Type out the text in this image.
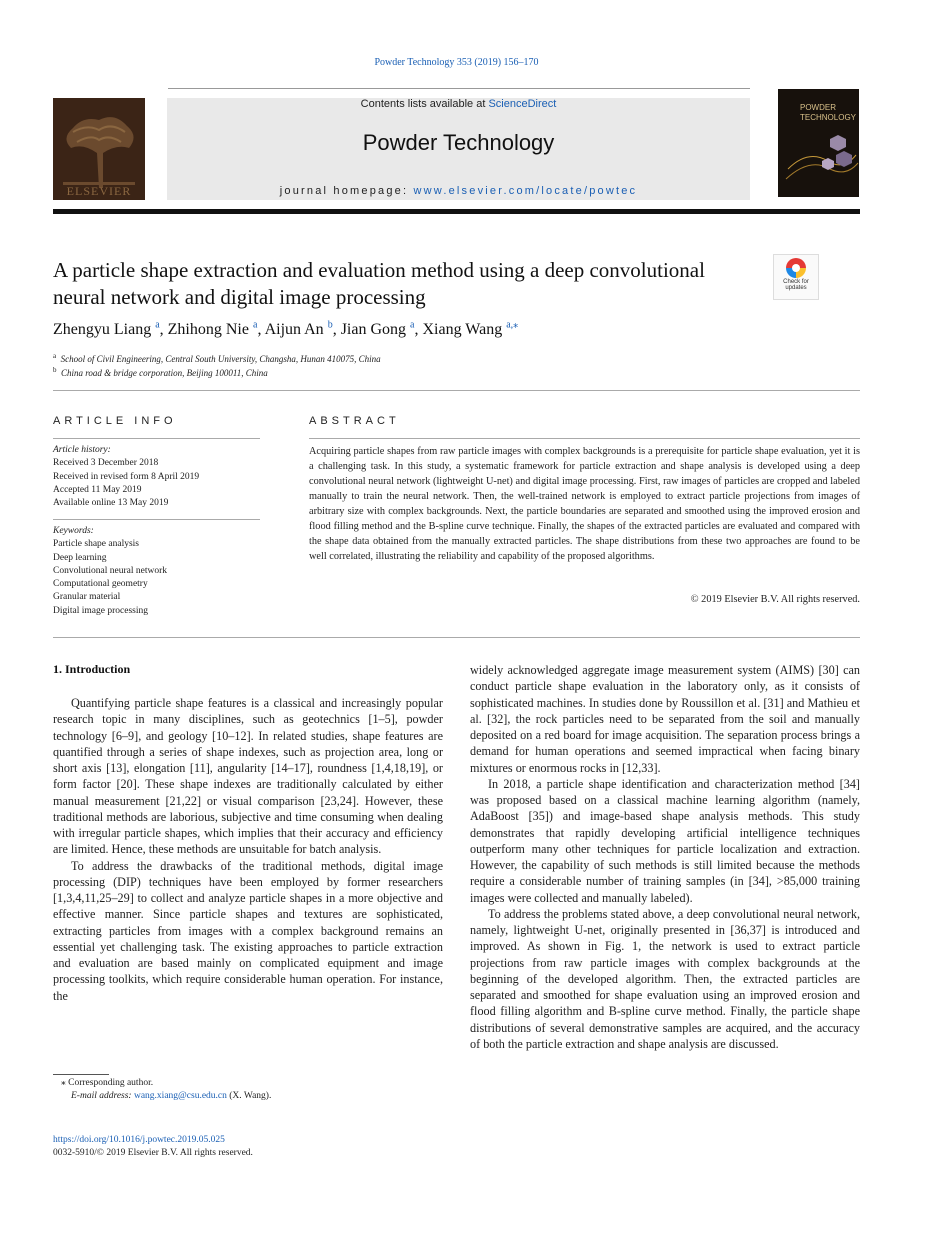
Powder Technology 353 (2019) 156–170
ELSEVIER
Contents lists available at ScienceDirect
Powder Technology
journal homepage: www.elsevier.com/locate/powtec
POWDER TECHNOLOGY
A particle shape extraction and evaluation method using a deep convolutional neural network and digital image processing
Check for updates
Zhengyu Liang $^a$, Zhihong Nie $^a$, Aijun An $^b$, Jian Gong $^a$, Xiang Wang $^{a,⁎}$
$^a$ School of Civil Engineering, Central South University, Changsha, Hunan 410075, China
$^b$ China road & bridge corporation, Beijing 100011, China
ARTICLE INFO
Article history:
Received 3 December 2018
Received in revised form 8 April 2019
Accepted 11 May 2019
Available online 13 May 2019
Keywords:
Particle shape analysis
Deep learning
Convolutional neural network
Computational geometry
Granular material
Digital image processing
ABSTRACT
Acquiring particle shapes from raw particle images with complex backgrounds is a prerequisite for particle shape evaluation, yet it is a challenging task. In this study, a systematic framework for particle extraction and shape analysis is developed using a deep convolutional neural network (lightweight U-net) and digital image processing. First, raw images of particles are cropped and labeled manually to train the neural network. Then, the well-trained network is employed to extract particle projections from images of arbitrary size with complex backgrounds. Next, the particle boundaries are separated and smoothed using the improved erosion and flood filling method and the B-spline curve technique. Finally, the shapes of the extracted particles are evaluated and compared with the shape data obtained from the manually extracted particles. The shape distributions from these two approaches are found to be well correlated, illustrating the reliability and capability of the proposed algorithms.
© 2019 Elsevier B.V. All rights reserved.
1. Introduction

Quantifying particle shape features is a classical and increasingly popular research topic in many disciplines, such as geotechnics [1–5], powder technology [6–9], and geology [10–12]. In related studies, shape features are quantified through a series of shape indexes, such as projection area, long or short axis [13], elongation [11], angularity [14–17], roundness [1,4,18,19], or form factor [20]. These shape indexes are traditionally calculated by either manual measurement [21,22] or visual comparison [23,24]. However, these traditional methods are laborious, subjective and time consuming when dealing with irregular particle shapes, which implies that their accuracy and efficiency are limited. Hence, these methods are unsuitable for batch analysis.

To address the drawbacks of the traditional methods, digital image processing (DIP) techniques have been employed by former researchers [1,3,4,11,25–29] to collect and analyze particle shapes in a more objective and effective manner. Since particle shapes and textures are sophisticated, extracting particles from images with a complex background remains an essential yet challenging task. The existing approaches to particle extraction and evaluation are based mainly on complicated equipment and image processing toolkits, which require considerable human operation. For instance, the

widely acknowledged aggregate image measurement system (AIMS) [30] can conduct particle shape evaluation in the laboratory only, as it consists of sophisticated machines. In studies done by Roussillon et al. [31] and Mathieu et al. [32], the rock particles need to be separated from the soil and manually deposited on a red board for image acquisition. The separation process brings a demand for human operations and seemed impractical when facing binary mixtures or enormous rocks in [12,33].

In 2018, a particle shape identification and characterization method [34] was proposed based on a classical machine learning algorithm (namely, AdaBoost [35]) and image-based shape analysis methods. This study demonstrates that rapidly developing artificial intelligence techniques outperform many other techniques for particle localization and extraction. However, the capability of such methods is still limited because the methods require a considerable number of training samples (in [34], >85,000 training images were collected and manually labeled).

To address the problems stated above, a deep convolutional neural network, namely, lightweight U-net, originally presented in [36,37] is introduced and improved. As shown in Fig. 1, the network is used to extract particle projections from raw particle images with complex backgrounds at the beginning of the developed algorithm. Then, the extracted particles are separated and smoothed for shape evaluation using an improved erosion and flood filling algorithm and B-spline curve method. Finally, the particle shape distributions of several demonstrative samples are acquired, and the accuracy of both the particle extraction and shape analysis are discussed.

⁎ Corresponding author.
E-mail address: wang.xiang@csu.edu.cn (X. Wang).
https://doi.org/10.1016/j.powtec.2019.05.025
0032-5910/© 2019 Elsevier B.V. All rights reserved.
